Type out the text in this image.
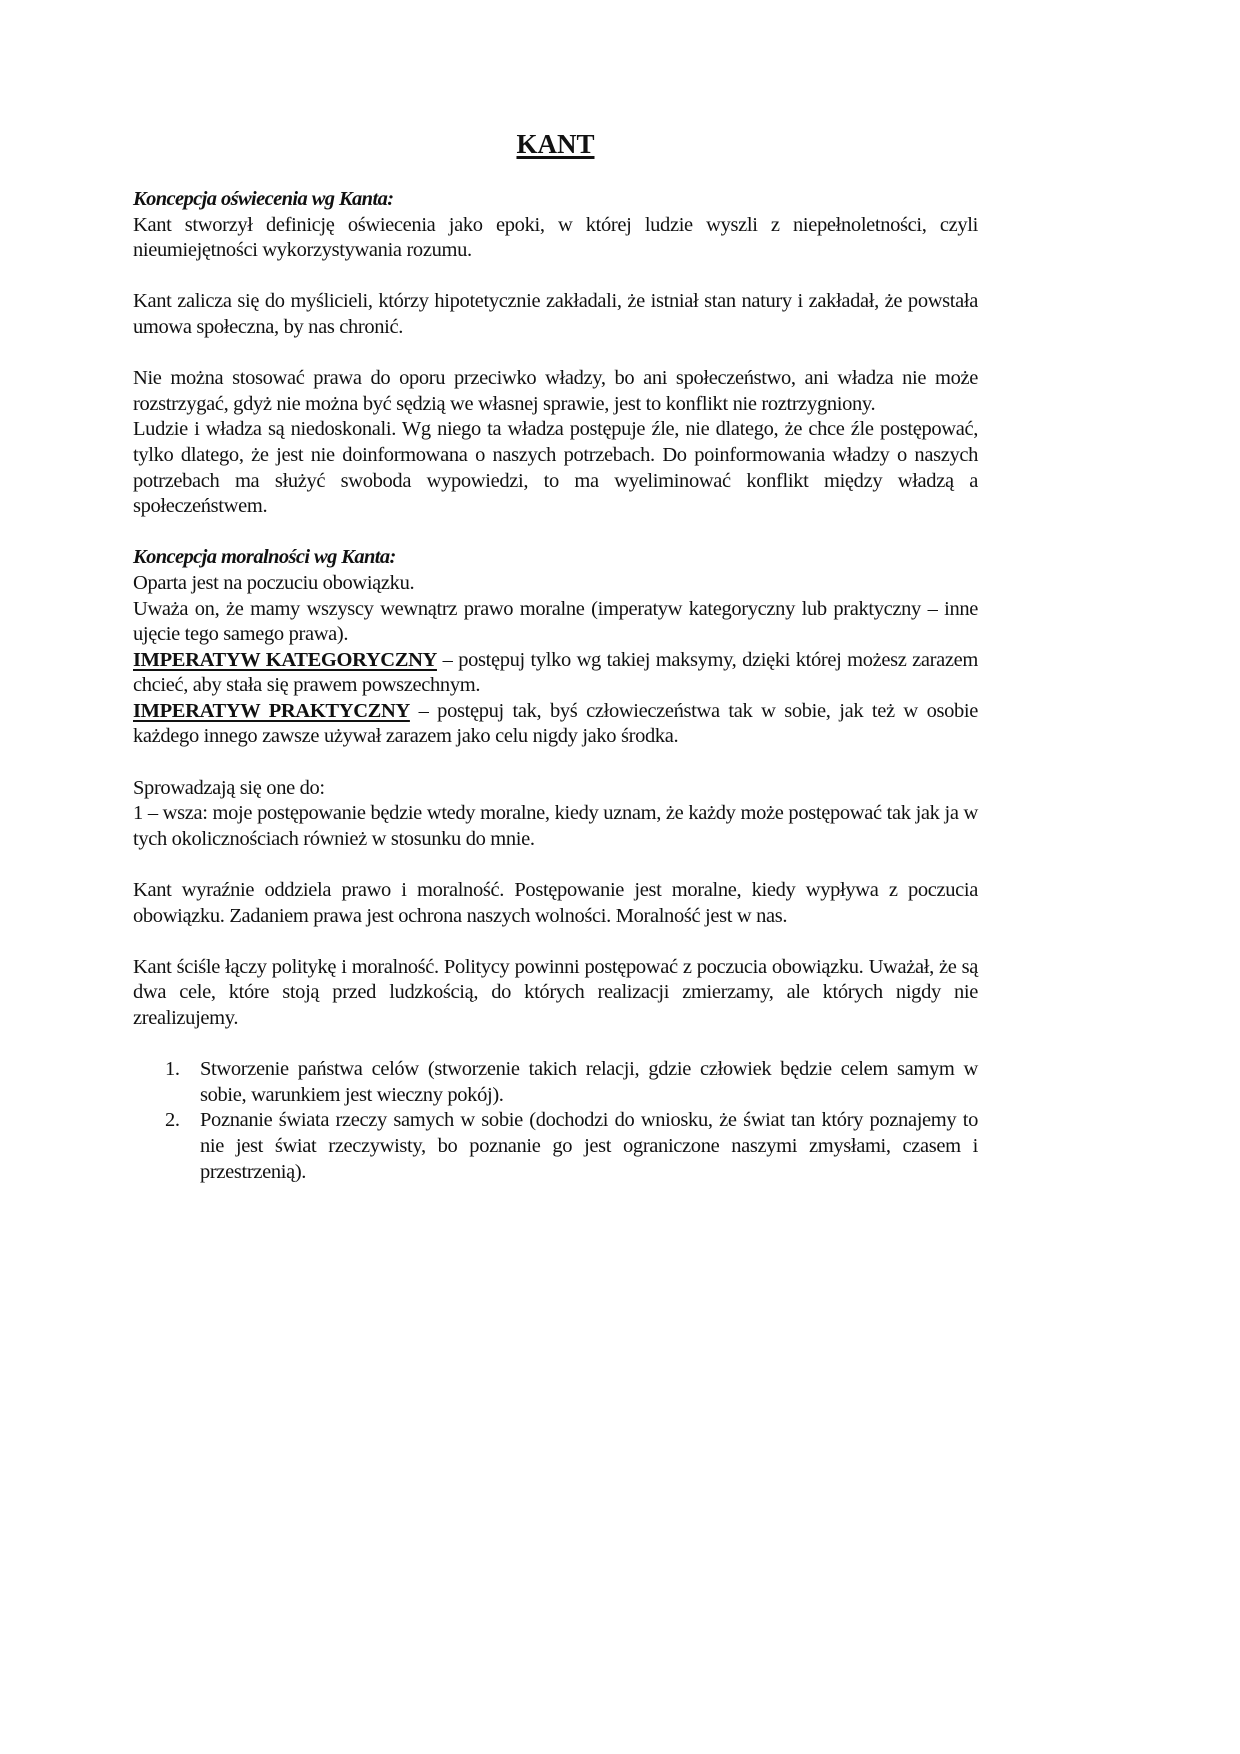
KANT

Koncepcja oświecenia wg Kanta:

Kant stworzył definicję oświecenia jako epoki, w której ludzie wyszli z niepełnoletności, czyli nieumiejętności wykorzystywania rozumu.

Kant zalicza się do myślicieli, którzy hipotetycznie zakładali, że istniał stan natury i zakładał, że powstała umowa społeczna, by nas chronić.

Nie można stosować prawa do oporu przeciwko władzy, bo ani społeczeństwo, ani władza nie może rozstrzygać, gdyż nie można być sędzią we własnej sprawie, jest to konflikt nie roztrzygniony.

Ludzie i władza są niedoskonali. Wg niego ta władza postępuje źle, nie dlatego, że chce źle postępować, tylko dlatego, że jest nie doinformowana o naszych potrzebach. Do poinformowania władzy o naszych potrzebach ma służyć swoboda wypowiedzi, to ma wyeliminować konflikt między władzą a społeczeństwem.

Koncepcja moralności wg Kanta:

Oparta jest na poczuciu obowiązku.

Uważa on, że mamy wszyscy wewnątrz prawo moralne (imperatyw kategoryczny lub praktyczny – inne ujęcie tego samego prawa).

IMPERATYW KATEGORYCZNY – postępuj tylko wg takiej maksymy, dzięki której możesz zarazem chcieć, aby stała się prawem powszechnym.

IMPERATYW PRAKTYCZNY – postępuj tak, byś człowieczeństwa tak w sobie, jak też w osobie każdego innego zawsze używał zarazem jako celu nigdy jako środka.

Sprowadzają się one do:

1 – wsza: moje postępowanie będzie wtedy moralne, kiedy uznam, że każdy może postępować tak jak ja w tych okolicznościach również w stosunku do mnie.

Kant wyraźnie oddziela prawo i moralność. Postępowanie jest moralne, kiedy wypływa z poczucia obowiązku. Zadaniem prawa jest ochrona naszych wolności. Moralność jest w nas.

Kant ściśle łączy politykę i moralność. Politycy powinni postępować z poczucia obowiązku. Uważał, że są dwa cele, które stoją przed ludzkością, do których realizacji zmierzamy, ale których nigdy nie zrealizujemy.

1. Stworzenie państwa celów (stworzenie takich relacji, gdzie człowiek będzie celem samym w sobie, warunkiem jest wieczny pokój).
2. Poznanie świata rzeczy samych w sobie (dochodzi do wniosku, że świat tan który poznajemy to nie jest świat rzeczywisty, bo poznanie go jest ograniczone naszymi zmysłami, czasem i przestrzenią).
